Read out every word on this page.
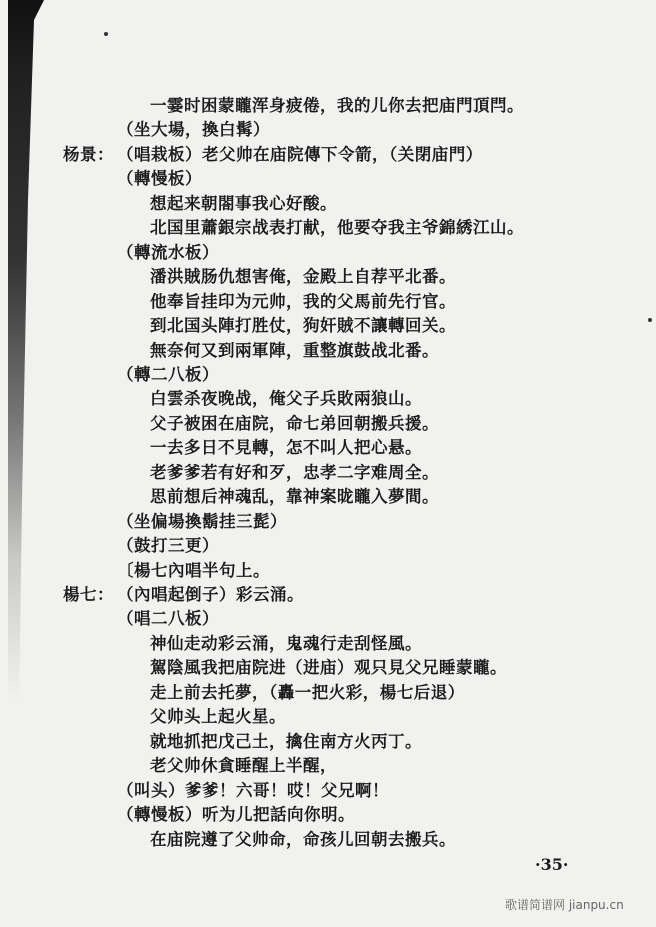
一霎时困蒙矓浑身疲倦，我的儿你去把庙門頂閂。
（坐大場，換白髯）
杨景： （唱栽板）老父帅在庙院傳下令箭，（关閉庙門）
（轉慢板）
想起来朝閤事我心好酸。
北国里蕭銀宗战表打献，他要夺我主爷錦綉江山。
（轉流水板）
潘洪賊肠仇想害俺，金殿上自荐平北番。
他奉旨挂印为元帅，我的父馬前先行官。
到北国头陣打胜仗，狗奸賊不讓轉回关。
無奈何又到兩軍陣，重整旗鼓战北番。
（轉二八板）
白雲杀夜晚战，俺父子兵敗兩狼山。
父子被困在庙院，命七弟回朝搬兵援。
一去多日不見轉，怎不叫人把心悬。
老爹爹若有好和歹，忠孝二字难周全。
思前想后神魂乱，靠神案昽矓入夢間。
（坐偏場換鬍挂三髭）
（鼓打三更）
〔楊七內唱半句上。
楊七： （內唱起倒子）彩云涌。
（唱二八板）
神仙走动彩云涌，鬼魂行走刮怪風。
駕陰風我把庙院进（进庙）观只見父兄睡蒙矓。
走上前去托夢，（轟一把火彩，楊七后退）
父帅头上起火星。
就地抓把戊己土，擒住南方火丙丁。
老父帅休貪睡醒上半醒，
（叫头）爹爹！六哥！哎！父兄啊！
（轉慢板）听为儿把話向你明。
在庙院遵了父帅命，命孩儿回朝去搬兵。
·35·
歌谱简谱网 jianpu.cn
